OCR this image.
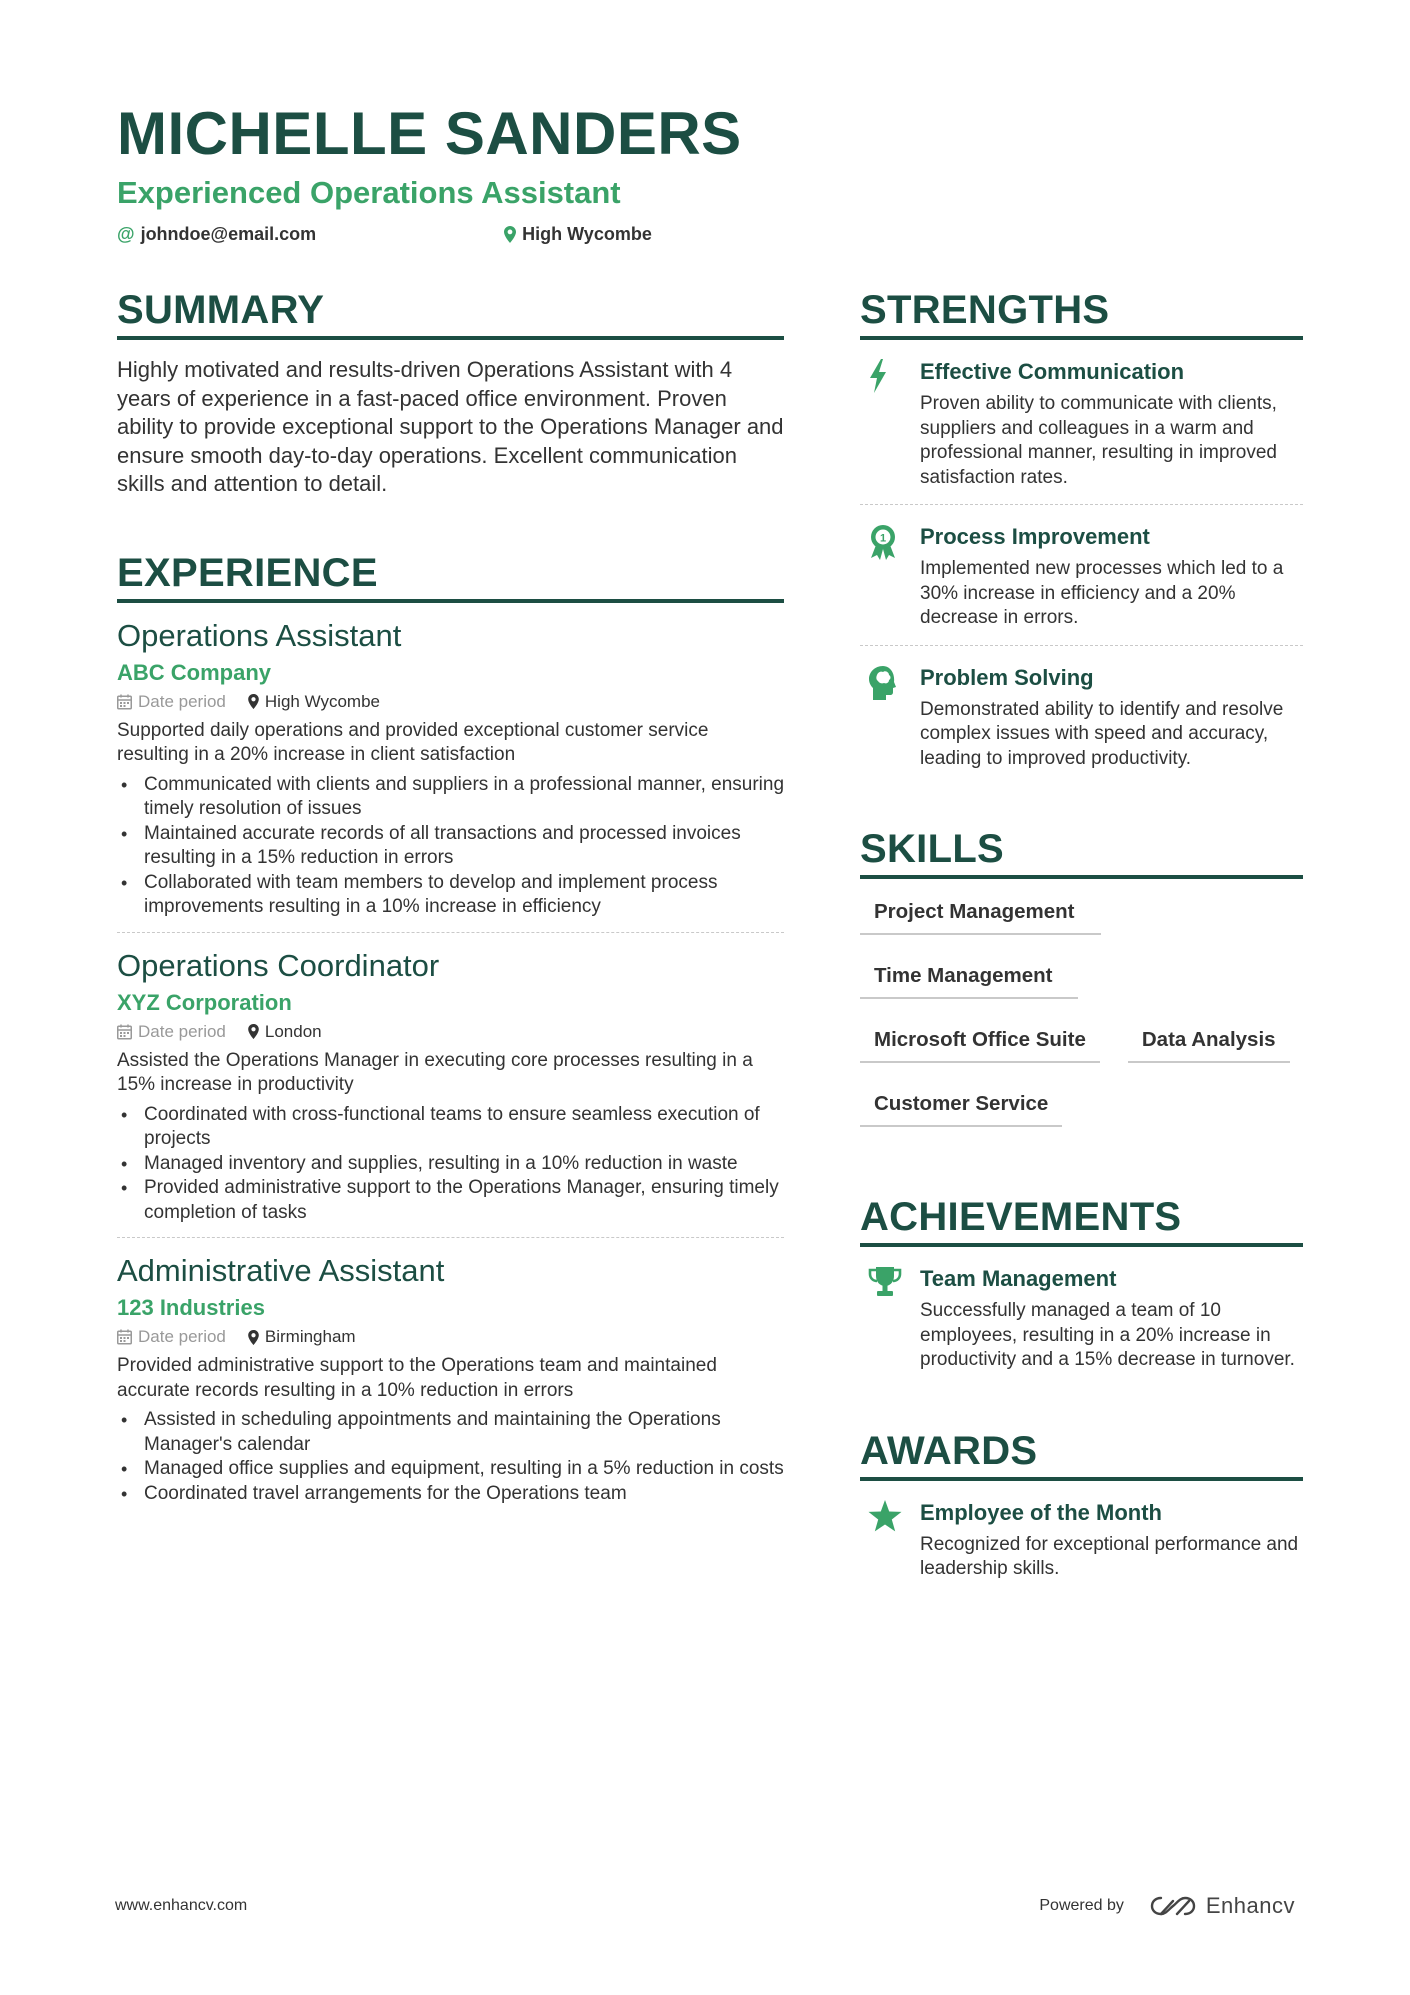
MICHELLE SANDERS
Experienced Operations Assistant
@ johndoe@email.com	High Wycombe
SUMMARY

Highly motivated and results-driven Operations Assistant with 4 years of experience in a fast-paced office environment. Proven ability to provide exceptional support to the Operations Manager and ensure smooth day-to-day operations. Excellent communication skills and attention to detail.

EXPERIENCE
Operations Assistant
ABC Company
Date period High Wycombe
Supported daily operations and provided exceptional customer service resulting in a 20% increase in client satisfaction
• Communicated with clients and suppliers in a professional manner, ensuring timely resolution of issues
• Maintained accurate records of all transactions and processed invoices resulting in a 15% reduction in errors
• Collaborated with team members to develop and implement process improvements resulting in a 10% increase in efficiency
Operations Coordinator
XYZ Corporation
Date period London
Assisted the Operations Manager in executing core processes resulting in a 15% increase in productivity
• Coordinated with cross-functional teams to ensure seamless execution of projects
• Managed inventory and supplies, resulting in a 10% reduction in waste
• Provided administrative support to the Operations Manager, ensuring timely completion of tasks
Administrative Assistant
123 Industries
Date period Birmingham
Provided administrative support to the Operations team and maintained accurate records resulting in a 10% reduction in errors
• Assisted in scheduling appointments and maintaining the Operations Manager's calendar
• Managed office supplies and equipment, resulting in a 5% reduction in costs
• Coordinated travel arrangements for the Operations team
STRENGTHS
Effective Communication
Proven ability to communicate with clients, suppliers and colleagues in a warm and professional manner, resulting in improved satisfaction rates.
1 Process Improvement
Implemented new processes which led to a 30% increase in efficiency and a 20% decrease in errors.
Problem Solving
Demonstrated ability to identify and resolve complex issues with speed and accuracy, leading to improved productivity.
SKILLS
Project Management
Time Management
Microsoft Office Suite	Data Analysis
Customer Service
ACHIEVEMENTS
Team Management
Successfully managed a team of 10 employees, resulting in a 20% increase in productivity and a 15% decrease in turnover.
AWARDS
Employee of the Month
Recognized for exceptional performance and leadership skills.
www.enhancv.com	Powered by	Enhancv
